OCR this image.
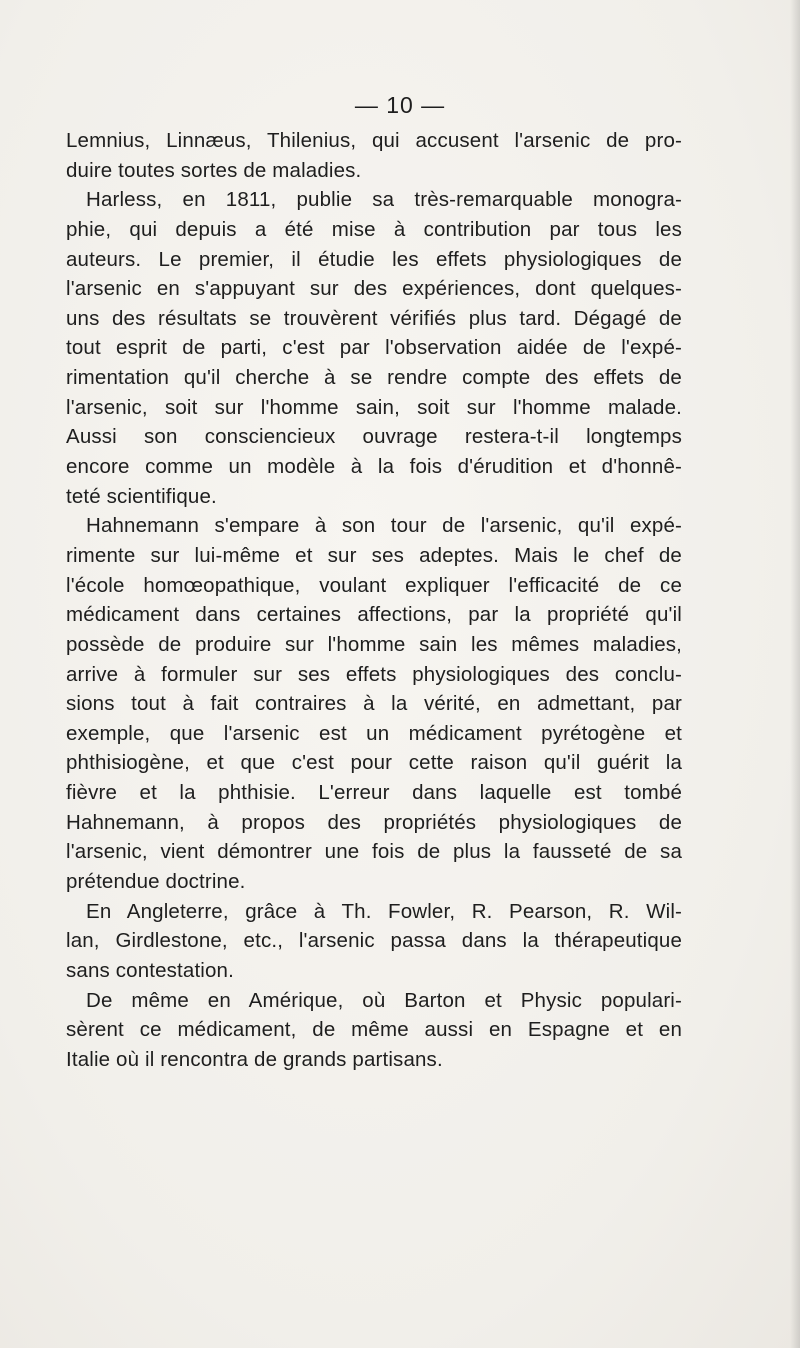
— 10 —
Lemnius, Linnæus, Thilenius, qui accusent l'arsenic de pro-
duire toutes sortes de maladies.
Harless, en 1811, publie sa très-remarquable monogra-
phie, qui depuis a été mise à contribution par tous les
auteurs. Le premier, il étudie les effets physiologiques de
l'arsenic en s'appuyant sur des expériences, dont quelques-
uns des résultats se trouvèrent vérifiés plus tard. Dégagé de
tout esprit de parti, c'est par l'observation aidée de l'expé-
rimentation qu'il cherche à se rendre compte des effets de
l'arsenic, soit sur l'homme sain, soit sur l'homme malade.
Aussi son consciencieux ouvrage restera-t-il longtemps
encore comme un modèle à la fois d'érudition et d'honnê-
teté scientifique.
Hahnemann s'empare à son tour de l'arsenic, qu'il expé-
rimente sur lui-même et sur ses adeptes. Mais le chef de
l'école homœopathique, voulant expliquer l'efficacité de ce
médicament dans certaines affections, par la propriété qu'il
possède de produire sur l'homme sain les mêmes maladies,
arrive à formuler sur ses effets physiologiques des conclu-
sions tout à fait contraires à la vérité, en admettant, par
exemple, que l'arsenic est un médicament pyrétogène et
phthisiogène, et que c'est pour cette raison qu'il guérit la
fièvre et la phthisie. L'erreur dans laquelle est tombé
Hahnemann, à propos des propriétés physiologiques de
l'arsenic, vient démontrer une fois de plus la fausseté de sa
prétendue doctrine.
En Angleterre, grâce à Th. Fowler, R. Pearson, R. Wil-
lan, Girdlestone, etc., l'arsenic passa dans la thérapeutique
sans contestation.
De même en Amérique, où Barton et Physic populari-
sèrent ce médicament, de même aussi en Espagne et en
Italie où il rencontra de grands partisans.
